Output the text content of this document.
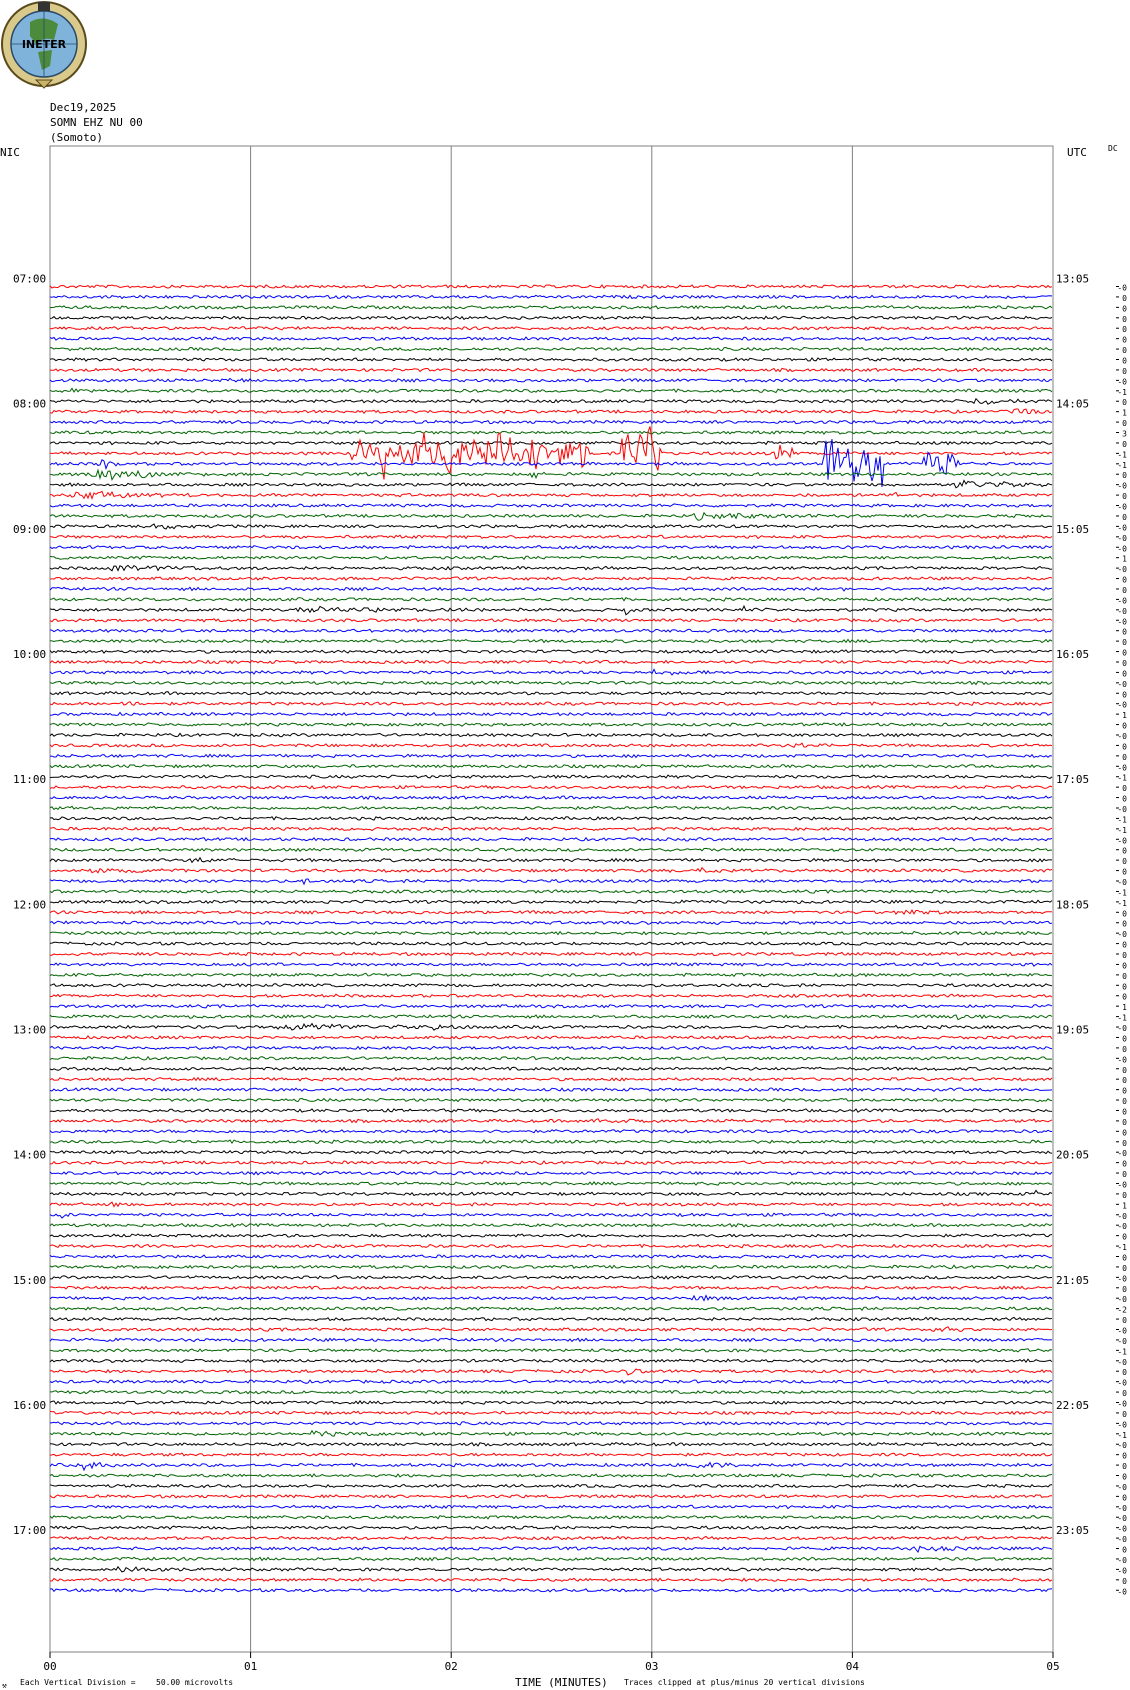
INETER
Dec19,2025
SOMN EHZ NU 00
(Somoto)
NIC	UTC	DC
00	01	02	03	04	05
-0
0
0
0
0
0
0
0
0
-0
-1
0
1
0
3
0
-1
-1
0
-0
0
-0
0
-0
-0
-0
1
-0
0
0
-0
-0
-0
0
0
0
0
0
-0
0
-0
1
0
-0
0
0
-0
-1
0
0
-0
-1
-1
-0
0
0
0
-0
-1
-1
0
0
-0
0
0
0
0
0
0
1
-1
-0
0
0
-0
0
0
0
0
0
0
0
0
-0
0
0
-0
0
1
-0
-0
0
-1
0
0
-0
0
-0
-2
0
-0
-0
-1
-0
0
-0
0
-0
0
-0
-1
-0
0
0
0
-0
0
-0
-0
-0
-0
0
-0
-0
0
-0
07:00	13:05
08:00	14:05
09:00	15:05
10:00	16:05
11:00	17:05
12:00	18:05
13:00	19:05
14:00	20:05
15:00	21:05
16:00	22:05
17:00	23:05
⚒ Each Vertical Division =	50.00 microvolts	TIME (MINUTES) Traces clipped at plus/minus 20 vertical divisions
